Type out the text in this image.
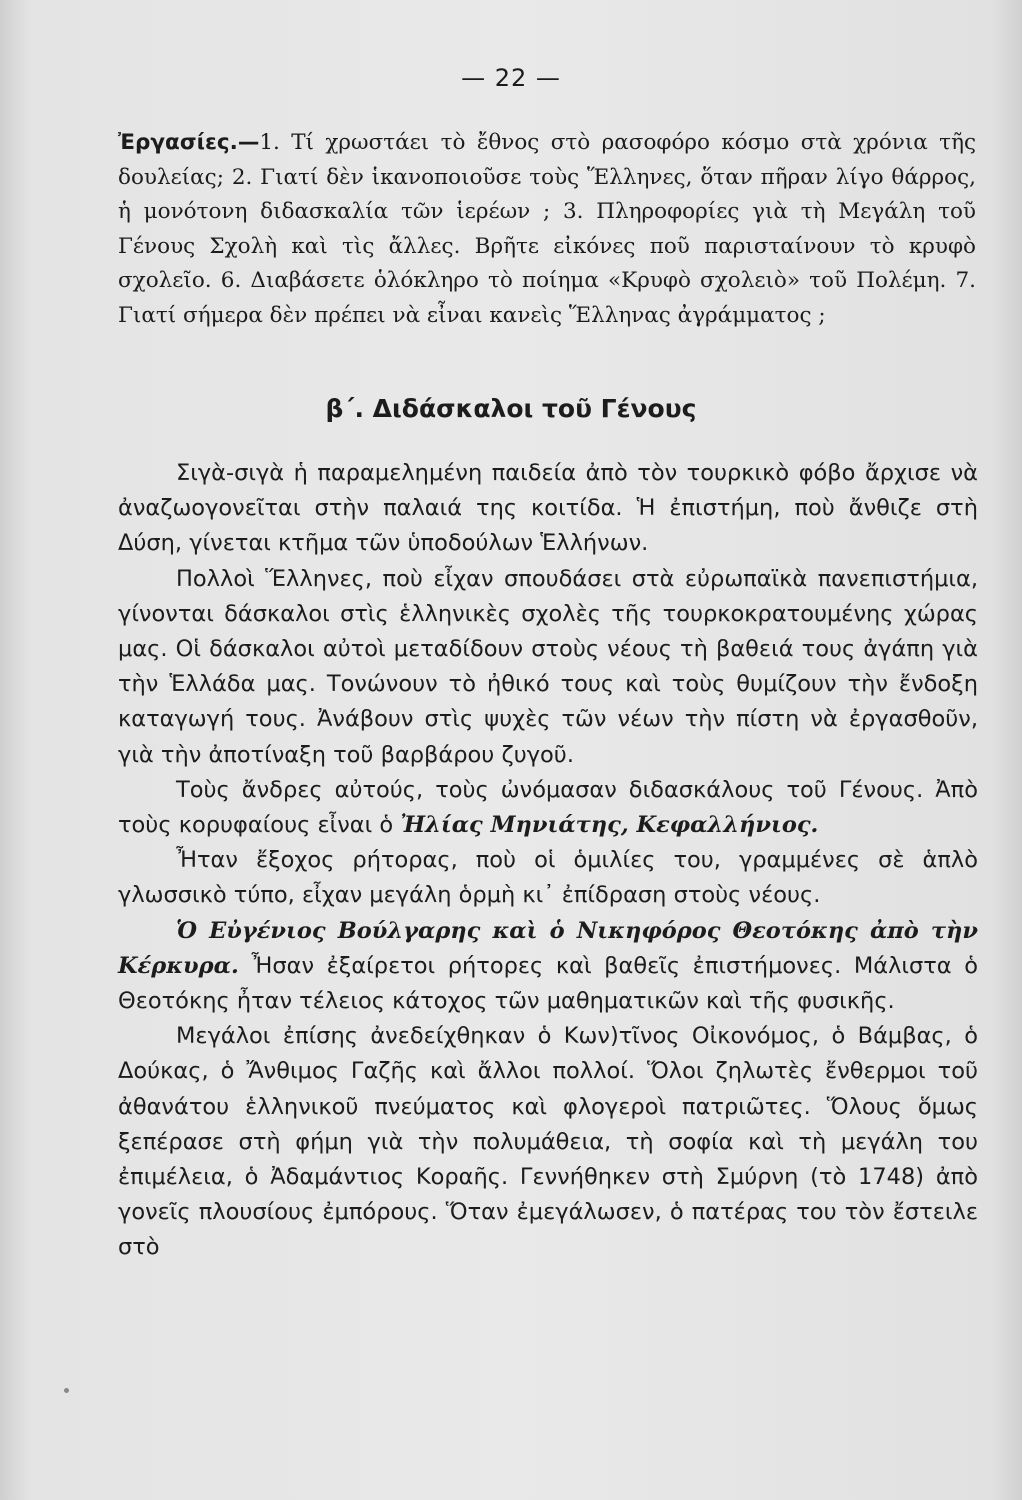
— 22 —
Ἐργασίες.—1. Τί χρωστάει τὸ ἔθνος στὸ ρασοφόρο κόσμο στὰ χρόνια τῆς δουλείας; 2. Γιατί δὲν ἱκανοποιοῦσε τοὺς Ἕλληνες, ὅταν πῆραν λίγο θάρρος, ἡ μονότονη διδασκαλία τῶν ἱερέων ; 3. Πληροφορίες γιὰ τὴ Μεγάλη τοῦ Γένους Σχολὴ καὶ τὶς ἄλλες. Βρῆτε εἰκόνες ποῦ παρισταίνουν τὸ κρυφὸ σχολεῖο. 6. Διαβάσετε ὁλόκληρο τὸ ποίημα «Κρυφὸ σχολειὸ» τοῦ Πολέμη. 7. Γιατί σήμερα δὲν πρέπει νὰ εἶναι κανεὶς Ἕλληνας ἀγράμματος ;
β΄. Διδάσκαλοι τοῦ Γένους

Σιγὰ-σιγὰ ἡ παραμελημένη παιδεία ἀπὸ τὸν τουρκικὸ φόβο ἄρχισε νὰ ἀναζωογονεῖται στὴν παλαιά της κοιτίδα. Ἡ ἐπιστήμη, ποὺ ἄνθιζε στὴ Δύση, γίνεται κτῆμα τῶν ὑποδούλων Ἑλλήνων.

Πολλοὶ Ἕλληνες, ποὺ εἶχαν σπουδάσει στὰ εὐρωπαϊκὰ πανεπιστήμια, γίνονται δάσκαλοι στὶς ἑλληνικὲς σχολὲς τῆς τουρκοκρατουμένης χώρας μας. Οἱ δάσκαλοι αὐτοὶ μεταδίδουν στοὺς νέους τὴ βαθειά τους ἀγάπη γιὰ τὴν Ἑλλάδα μας. Τονώνουν τὸ ἠθικό τους καὶ τοὺς θυμίζουν τὴν ἔνδοξη καταγωγή τους. Ἀνάβουν στὶς ψυχὲς τῶν νέων τὴν πίστη νὰ ἐργασθοῦν, γιὰ τὴν ἀποτίναξη τοῦ βαρβάρου ζυγοῦ.

Τοὺς ἄνδρες αὐτούς, τοὺς ὠνόμασαν διδασκάλους τοῦ Γένους. Ἀπὸ τοὺς κορυφαίους εἶναι ὁ Ἠλίας Μηνιάτης, Κεφαλλήνιος.

Ἦταν ἔξοχος ρήτορας, ποὺ οἱ ὁμιλίες του, γραμμένες σὲ ἁπλὸ γλωσσικὸ τύπο, εἶχαν μεγάλη ὁρμὴ κι᾿ ἐπίδραση στοὺς νέους.

Ὁ Εὐγένιος Βούλγαρης καὶ ὁ Νικηφόρος Θεοτόκης ἀπὸ τὴν Κέρκυρα. Ἦσαν ἐξαίρετοι ρήτορες καὶ βαθεῖς ἐπιστήμονες. Μάλιστα ὁ Θεοτόκης ἦταν τέλειος κάτοχος τῶν μαθηματικῶν καὶ τῆς φυσικῆς.

Μεγάλοι ἐπίσης ἀνεδείχθηκαν ὁ Κων)τῖνος Οἰκονόμος, ὁ Βάμβας, ὁ Δούκας, ὁ Ἄνθιμος Γαζῆς καὶ ἄλλοι πολλοί. Ὅλοι ζηλωτὲς ἔνθερμοι τοῦ ἀθανάτου ἑλληνικοῦ πνεύματος καὶ φλογεροὶ πατριῶτες. Ὅλους ὅμως ξεπέρασε στὴ φήμη γιὰ τὴν πολυμάθεια, τὴ σοφία καὶ τὴ μεγάλη του ἐπιμέλεια, ὁ Ἀδαμάντιος Κοραῆς. Γεννήθηκεν στὴ Σμύρνη (τὸ 1748) ἀπὸ γονεῖς πλουσίους ἐμπόρους. Ὅταν ἐμεγάλωσεν, ὁ πατέρας του τὸν ἔστειλε στὸ
